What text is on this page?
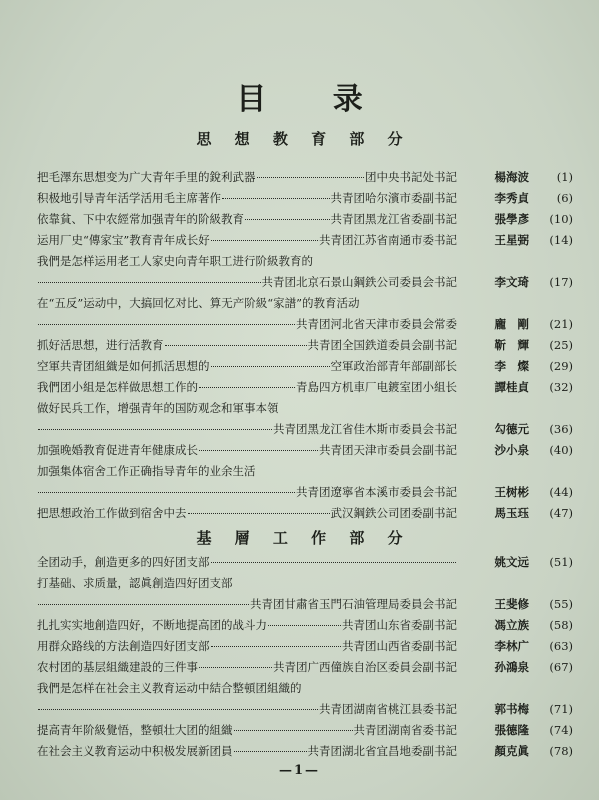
目 录
思 想 教 育 部 分
把毛澤东思想变为广大青年手里的銳利武器	团中央书記处书記	楊海波	(1)
积极地引导青年活学活用毛主席著作	共青团哈尔濱市委副书記	李秀貞	(6)
依靠貧、下中农經常加强青年的阶級教育	共青团黑龙江省委副书記	張學彥	(10)
运用厂史“傳家宝”教育青年成长好	共青团江苏省南通市委书記	王星弼	(14)
我們是怎样运用老工人家史向青年职工进行阶級教育的
共青团北京石景山鋼鉄公司委員会书記	李文琦	(17)
在“五反”运动中，大搞回忆对比、算无产阶級“家譜”的教育活动
共青团河北省天津市委員会常委	龐　剛	(21)
抓好活思想，进行活教育	共青团全国鉄道委員会副书記	靳　輝	(25)
空軍共青团組織是如何抓活思想的	空軍政治部青年部副部长	李　燦	(29)
我們团小組是怎样做思想工作的	青島四方机車厂电鍍室团小組长	譚桂貞	(32)
做好民兵工作，增强青年的国防观念和軍事本領
共青团黑龙江省佳木斯市委員会书記	勾德元	(36)
加强晚婚教育促进青年健康成长	共青团天津市委員会副书記	沙小泉	(40)
加强集体宿舍工作正确指导青年的业余生活
共青团遼寧省本溪市委員会书記	王树彬	(44)
把思想政治工作做到宿舍中去	武汉鋼鉄公司团委副书記	馬玉珏	(47)
基 層 工 作 部 分
全团动手，創造更多的四好团支部	姚文远	(51)
打基础、求质量，認眞創造四好团支部
共青团甘肅省玉門石油管理局委員会书記	王斐修	(55)
扎扎实实地創造四好，不断地提高团的战斗力	共青团山东省委副书記	馮立族	(58)
用群众路线的方法創造四好团支部	共青团山西省委副书記	李林广	(63)
农村团的基层組織建設的三件事	共青团广西僮族自治区委員会副书記	孙鴻泉	(67)
我們是怎样在社会主义教育运动中結合整頓团組織的
共青团湖南省桃江县委书記	郭书梅	(71)
提高青年阶級覺悟，整頓壮大团的組織	共青团湖南省委书記	張德隆	(74)
在社会主义教育运动中积极发展新团員	共青团湖北省宜昌地委副书記	顏克眞	(78)
—1—
